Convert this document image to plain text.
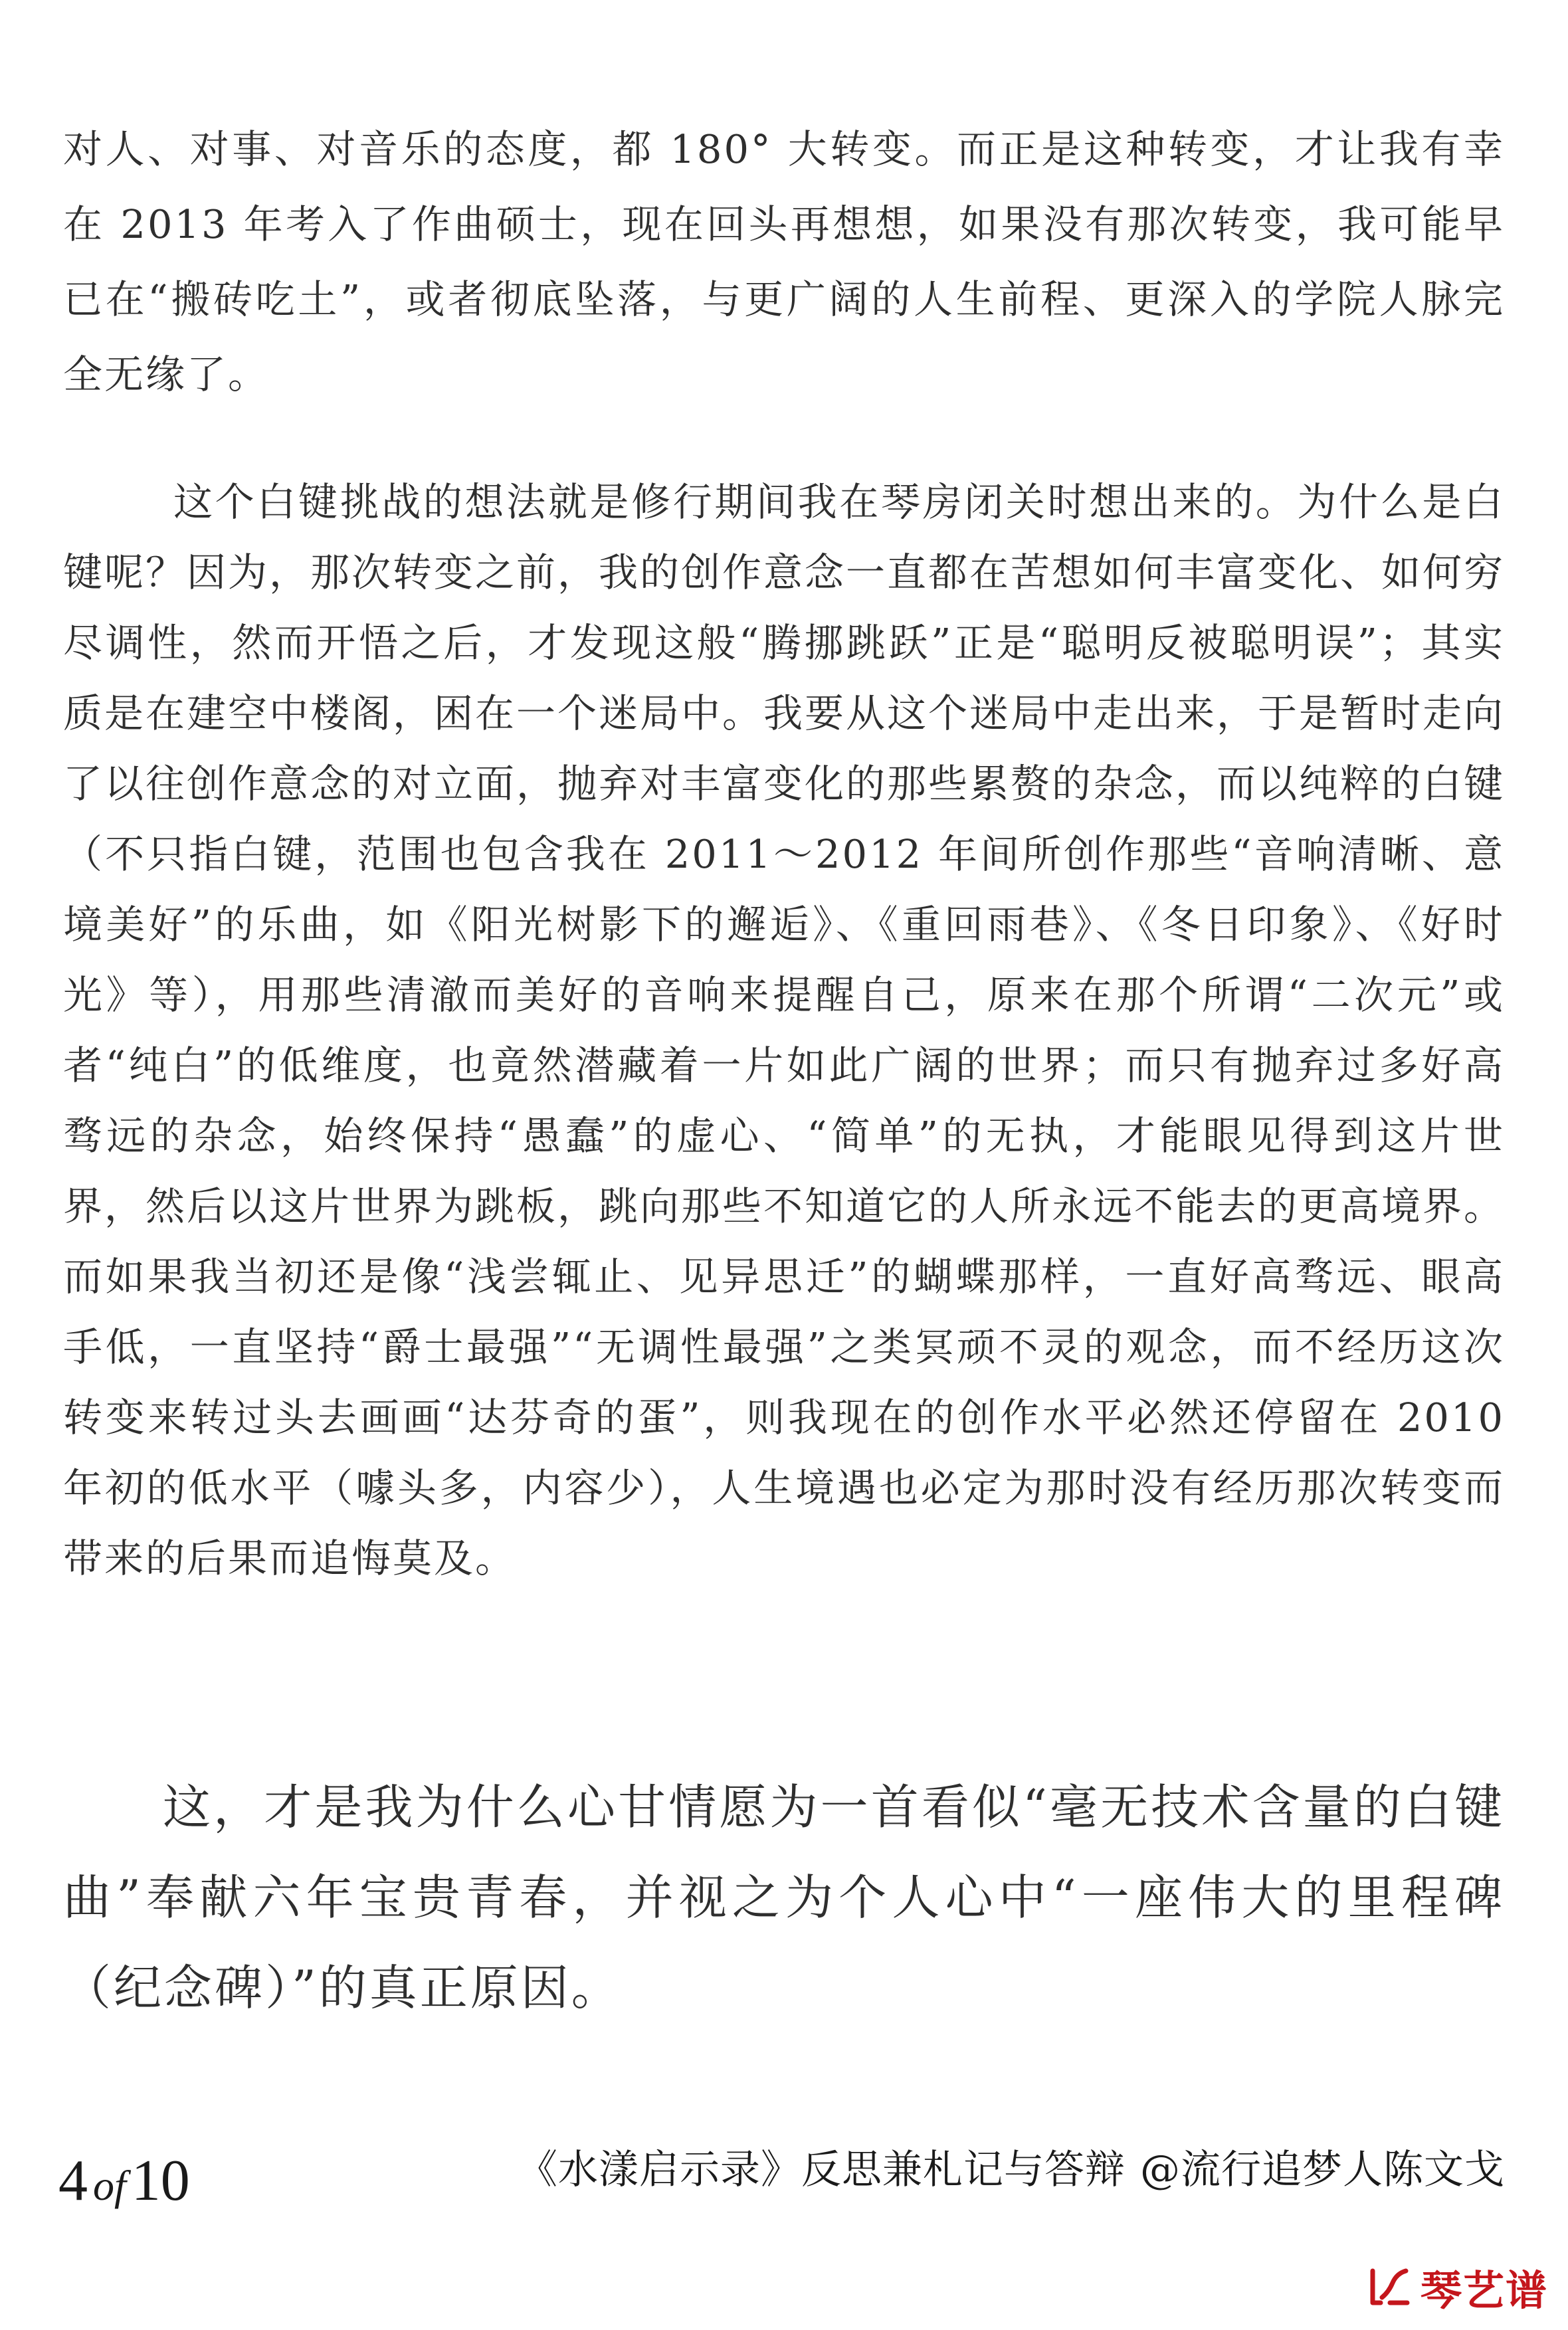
对人、对事、对音乐的态度，都 180° 大转变。而正是这种转变，才让我有幸在 2013 年考入了作曲硕士，现在回头再想想，如果没有那次转变，我可能早已在“搬砖吃土”，或者彻底坠落，与更广阔的人生前程、更深入的学院人脉完全无缘了。

这个白键挑战的想法就是修行期间我在琴房闭关时想出来的。为什么是白键呢？因为，那次转变之前，我的创作意念一直都在苦想如何丰富变化、如何穷尽调性，然而开悟之后，才发现这般“腾挪跳跃”正是“聪明反被聪明误”；其实质是在建空中楼阁，困在一个迷局中。我要从这个迷局中走出来，于是暂时走向了以往创作意念的对立面，抛弃对丰富变化的那些累赘的杂念，而以纯粹的白键（不只指白键，范围也包含我在 2011～2012 年间所创作那些“音响清晰、意境美好”的乐曲，如《阳光树影下的邂逅》、《重回雨巷》、《冬日印象》、《好时光》等），用那些清澈而美好的音响来提醒自己，原来在那个所谓“二次元”或者“纯白”的低维度，也竟然潜藏着一片如此广阔的世界；而只有抛弃过多好高骛远的杂念，始终保持“愚蠢”的虚心、“简单”的无执，才能眼见得到这片世界，然后以这片世界为跳板，跳向那些不知道它的人所永远不能去的更高境界。而如果我当初还是像“浅尝辄止、见异思迁”的蝴蝶那样，一直好高骛远、眼高手低，一直坚持“爵士最强”“无调性最强”之类冥顽不灵的观念，而不经历这次转变来转过头去画画“达芬奇的蛋”，则我现在的创作水平必然还停留在 2010 年初的低水平（噱头多，内容少），人生境遇也必定为那时没有经历那次转变而带来的后果而追悔莫及。

这，才是我为什么心甘情愿为一首看似“毫无技术含量的白键曲”奉献六年宝贵青春，并视之为个人心中“一座伟大的里程碑（纪念碑）”的真正原因。

4 of10	《水漾启示录》反思兼札记与答辩 @流行追梦人陈文戈
琴艺谱
